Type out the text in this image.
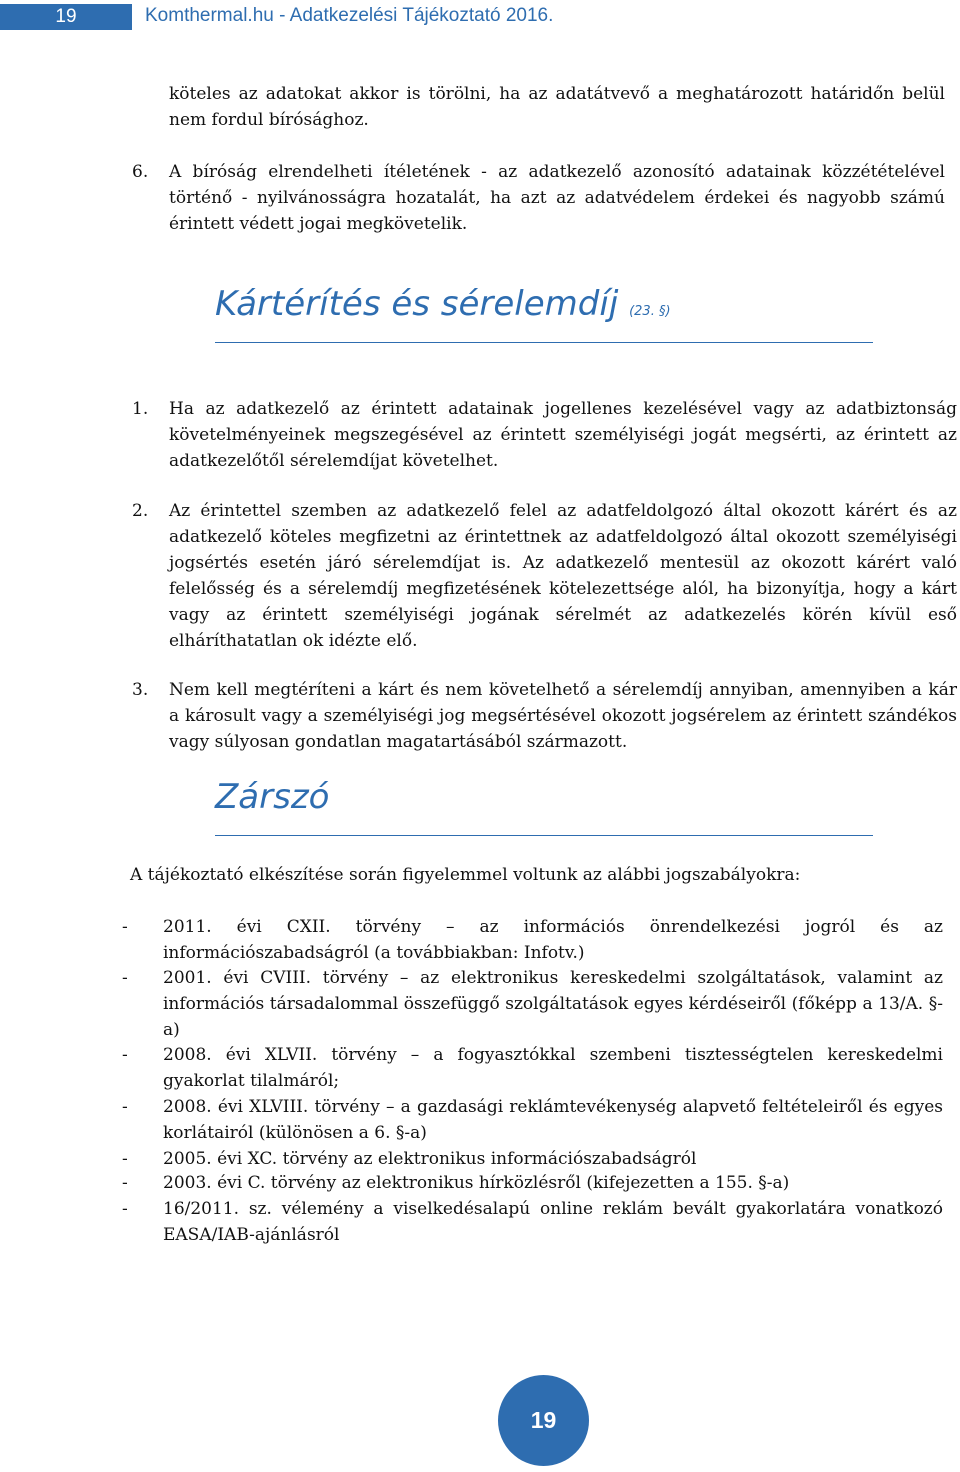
19	Komthermal.hu - Adatkezelési Tájékoztató 2016.
köteles az adatokat akkor is törölni, ha az adatátvevő a meghatározott határidőn belül nem fordul bírósághoz.
6. A bíróság elrendelheti ítéletének - az adatkezelő azonosító adatainak közzétételével történő - nyilvánosságra hozatalát, ha azt az adatvédelem érdekei és nagyobb számú érintett védett jogai megkövetelik.
Kártérítés és sérelemdíj (23. §)
1. Ha az adatkezelő az érintett adatainak jogellenes kezelésével vagy az adatbiztonság követelményeinek megszegésével az érintett személyiségi jogát megsérti, az érintett az adatkezelőtől sérelemdíjat követelhet.
2. Az érintettel szemben az adatkezelő felel az adatfeldolgozó által okozott kárért és az adatkezelő köteles megfizetni az érintettnek az adatfeldolgozó által okozott személyiségi jogsértés esetén járó sérelemdíjat is. Az adatkezelő mentesül az okozott kárért való felelősség és a sérelemdíj megfizetésének kötelezettsége alól, ha bizonyítja, hogy a kárt vagy az érintett személyiségi jogának sérelmét az adatkezelés körén kívül eső elháríthatatlan ok idézte elő.
3. Nem kell megtéríteni a kárt és nem követelhető a sérelemdíj annyiban, amennyiben a kár a károsult vagy a személyiségi jog megsértésével okozott jogsérelem az érintett szándékos vagy súlyosan gondatlan magatartásából származott.
Zárszó
A tájékoztató elkészítése során figyelemmel voltunk az alábbi jogszabályokra:
- 2011. évi CXII. törvény – az információs önrendelkezési jogról és az információszabadságról (a továbbiakban: Infotv.)
- 2001. évi CVIII. törvény – az elektronikus kereskedelmi szolgáltatások, valamint az információs társadalommal összefüggő szolgáltatások egyes kérdéseiről (főképp a 13/A. §-a)
- 2008. évi XLVII. törvény – a fogyasztókkal szembeni tisztességtelen kereskedelmi gyakorlat tilalmáról;
- 2008. évi XLVIII. törvény – a gazdasági reklámtevékenység alapvető feltételeiről és egyes korlátairól (különösen a 6. §-a)
- 2005. évi XC. törvény az elektronikus információszabadságról
- 2003. évi C. törvény az elektronikus hírközlésről (kifejezetten a 155. §-a)
- 16/2011. sz. vélemény a viselkedésalapú online reklám bevált gyakorlatára vonatkozó EASA/IAB-ajánlásról
19
